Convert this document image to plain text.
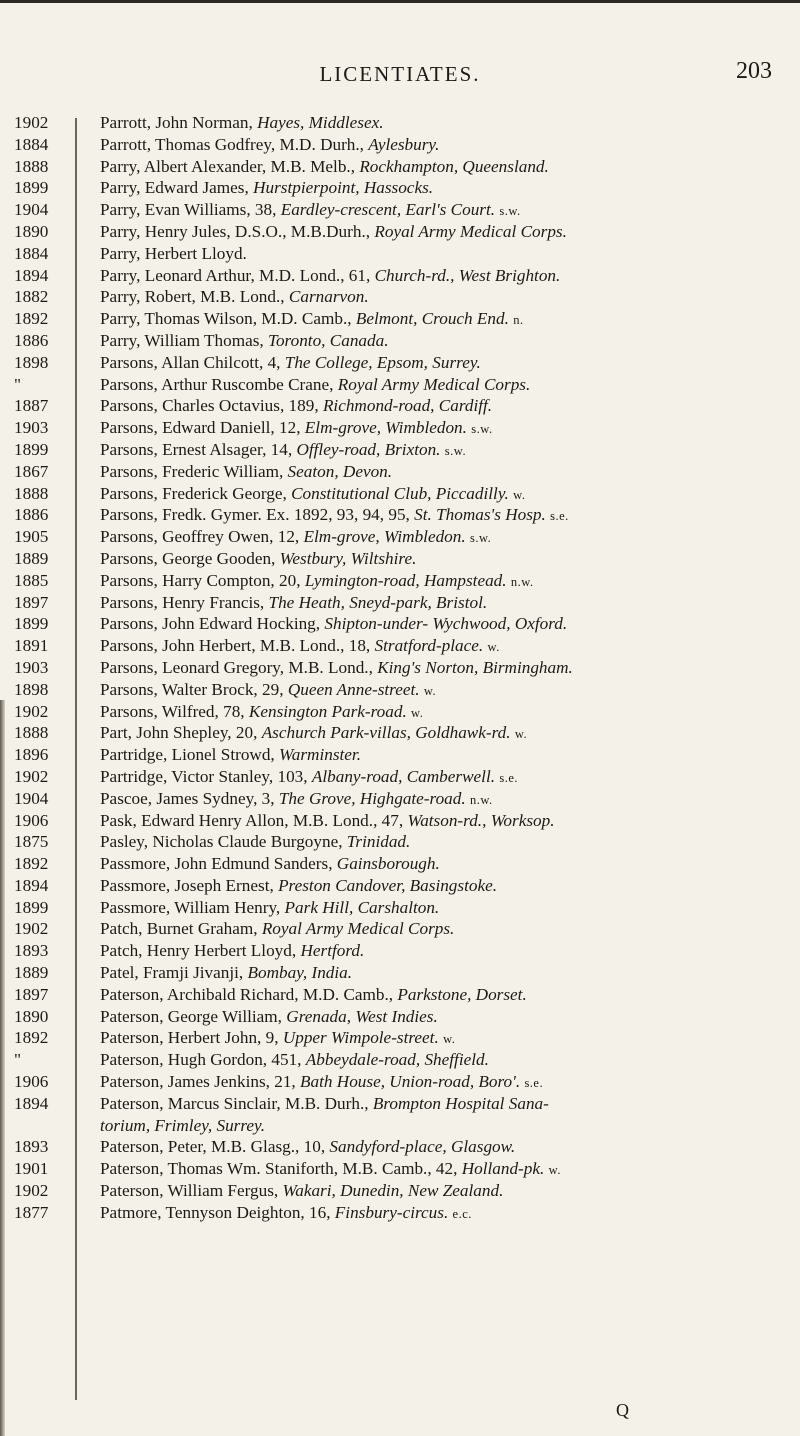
LICENTIATES.	203
1902	Parrott, John Norman, Hayes, Middlesex.
1884	Parrott, Thomas Godfrey, M.D. Durh., Aylesbury.
1888	Parry, Albert Alexander, M.B. Melb., Rockhampton, Queensland.
1899	Parry, Edward James, Hurstpierpoint, Hassocks.
1904	Parry, Evan Williams, 38, Eardley-crescent, Earl's Court. s.w.
1890	Parry, Henry Jules, D.S.O., M.B.Durh., Royal Army Medical Corps.
1884	Parry, Herbert Lloyd.
1894	Parry, Leonard Arthur, M.D. Lond., 61, Church-rd., West Brighton.
1882	Parry, Robert, M.B. Lond., Carnarvon.
1892	Parry, Thomas Wilson, M.D. Camb., Belmont, Crouch End. n.
1886	Parry, William Thomas, Toronto, Canada.
1898	Parsons, Allan Chilcott, 4, The College, Epsom, Surrey.
"	Parsons, Arthur Ruscombe Crane, Royal Army Medical Corps.
1887	Parsons, Charles Octavius, 189, Richmond-road, Cardiff.
1903	Parsons, Edward Daniell, 12, Elm-grove, Wimbledon. s.w.
1899	Parsons, Ernest Alsager, 14, Offley-road, Brixton. s.w.
1867	Parsons, Frederic William, Seaton, Devon.
1888	Parsons, Frederick George, Constitutional Club, Piccadilly. w.
1886	Parsons, Fredk. Gymer. Ex. 1892, 93, 94, 95, St. Thomas's Hosp. s.e.
1905	Parsons, Geoffrey Owen, 12, Elm-grove, Wimbledon. s.w.
1889	Parsons, George Gooden, Westbury, Wiltshire.
1885	Parsons, Harry Compton, 20, Lymington-road, Hampstead. n.w.
1897	Parsons, Henry Francis, The Heath, Sneyd-park, Bristol.
1899	Parsons, John Edward Hocking, Shipton-under- Wychwood, Oxford.
1891	Parsons, John Herbert, M.B. Lond., 18, Stratford-place. w.
1903	Parsons, Leonard Gregory, M.B. Lond., King's Norton, Birmingham.
1898	Parsons, Walter Brock, 29, Queen Anne-street. w.
1902	Parsons, Wilfred, 78, Kensington Park-road. w.
1888	Part, John Shepley, 20, Aschurch Park-villas, Goldhawk-rd. w.
1896	Partridge, Lionel Strowd, Warminster.
1902	Partridge, Victor Stanley, 103, Albany-road, Camberwell. s.e.
1904	Pascoe, James Sydney, 3, The Grove, Highgate-road. n.w.
1906	Pask, Edward Henry Allon, M.B. Lond., 47, Watson-rd., Worksop.
1875	Pasley, Nicholas Claude Burgoyne, Trinidad.
1892	Passmore, John Edmund Sanders, Gainsborough.
1894	Passmore, Joseph Ernest, Preston Candover, Basingstoke.
1899	Passmore, William Henry, Park Hill, Carshalton.
1902	Patch, Burnet Graham, Royal Army Medical Corps.
1893	Patch, Henry Herbert Lloyd, Hertford.
1889	Patel, Framji Jivanji, Bombay, India.
1897	Paterson, Archibald Richard, M.D. Camb., Parkstone, Dorset.
1890	Paterson, George William, Grenada, West Indies.
1892	Paterson, Herbert John, 9, Upper Wimpole-street. w.
"	Paterson, Hugh Gordon, 451, Abbeydale-road, Sheffield.
1906	Paterson, James Jenkins, 21, Bath House, Union-road, Boro'. s.e.
1894	Paterson, Marcus Sinclair, M.B. Durh., Brompton Hospital Sana-
torium, Frimley, Surrey.
1893	Paterson, Peter, M.B. Glasg., 10, Sandyford-place, Glasgow.
1901	Paterson, Thomas Wm. Staniforth, M.B. Camb., 42, Holland-pk. w.
1902	Paterson, William Fergus, Wakari, Dunedin, New Zealand.
1877	Patmore, Tennyson Deighton, 16, Finsbury-circus. e.c.
Q
